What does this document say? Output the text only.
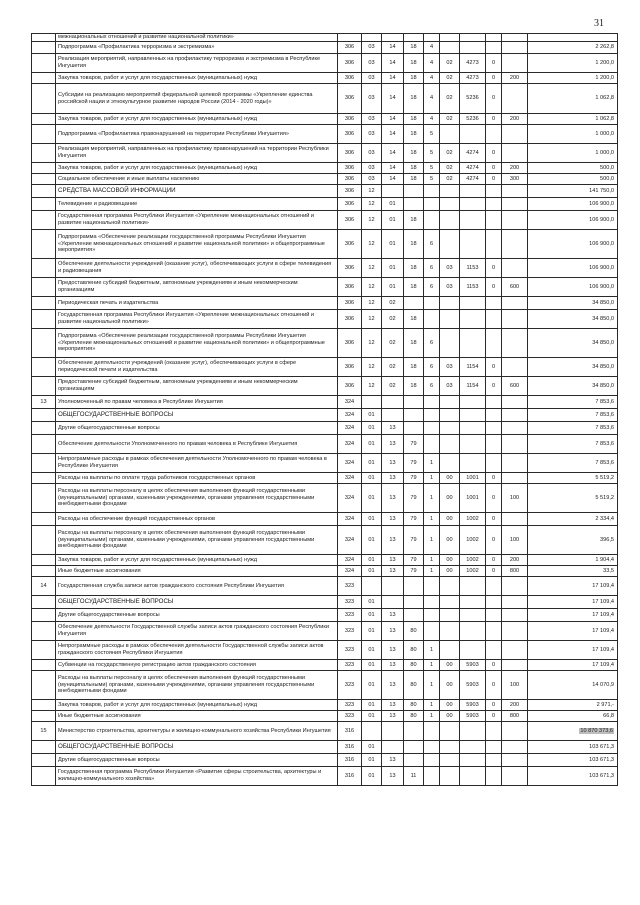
31
	межнациональных отношений и развитие национальной политики»										
	Подпрограмма «Профилактика терроризма и экстремизма»	306	03	14	18	4					2 262,8
	Реализация мероприятий, направленных на профилактику терроризма и экстремизма в Республике Ингушетия	306	03	14	18	4	02	4273	0		1 200,0
	Закупка товаров, работ и услуг для государственных (муниципальных) нужд	306	03	14	18	4	02	4273	0	200	1 200,0
	Субсидии на реализацию мероприятий федеральной целевой программы «Укрепление единства российской нации и этнокультурное развитие народов России (2014 - 2020 годы)»	306	03	14	18	4	02	5236	0		1 062,8
	Закупка товаров, работ и услуг для государственных (муниципальных) нужд	306	03	14	18	4	02	5236	0	200	1 062,8
	Подпрограмма «Профилактика правонарушений на территории Республики Ингушетия»	306	03	14	18	5					1 000,0
	Реализация мероприятий, направленных на профилактику правонарушений на территории Республики Ингушетия	306	03	14	18	5	02	4274	0		1 000,0
	Закупка товаров, работ и услуг для государственных (муниципальных) нужд	306	03	14	18	5	02	4274	0	200	500,0
	Социальное обеспечение и иные выплаты населению	306	03	14	18	5	02	4274	0	300	500,0
	СРЕДСТВА МАССОВОЙ ИНФОРМАЦИИ	306	12								141 750,0
	Телевидение и радиовещание	306	12	01							106 900,0
	Государственная программа Республики Ингушетия «Укрепление межнациональных отношений и развитие национальной политики»	306	12	01	18						106 900,0
	Подпрограмма «Обеспечение реализации государственной программы Республики Ингушетия «Укрепление межнациональных отношений и развитие национальной политики» и общепрограммные мероприятия»	306	12	01	18	6					106 900,0
	Обеспечение деятельности учреждений (оказание услуг), обеспечивающих услуги в сфере телевидения и радиовещания	306	12	01	18	6	03	1153	0		106 900,0
	Предоставление субсидий бюджетным, автономным учреждениям и иным некоммерческим организациям	306	12	01	18	6	03	1153	0	600	106 900,0
	Периодическая печать и издательства	306	12	02							34 850,0
	Государственная программа Республики Ингушетия «Укрепление межнациональных отношений и развитие национальной политики»	306	12	02	18						34 850,0
	Подпрограмма «Обеспечение реализации государственной программы Республики Ингушетия «Укрепление межнациональных отношений и развитие национальной политики» и общепрограммные мероприятия»	306	12	02	18	6					34 850,0
	Обеспечение деятельности учреждений (оказание услуг), обеспечивающих услуги в сфере периодической печати и издательства	306	12	02	18	6	03	1154	0		34 850,0
	Предоставление субсидий бюджетным, автономным учреждениям и иным некоммерческим организациям	306	12	02	18	6	03	1154	0	600	34 850,0
13	Уполномоченный по правам человека в Республике Ингушетия	324									7 853,6
	ОБЩЕГОСУДАРСТВЕННЫЕ ВОПРОСЫ	324	01								7 853,6
	Другие общегосударственные вопросы	324	01	13							7 853,6
	Обеспечение деятельности Уполномоченного по правам человека в Республике Ингушетия	324	01	13	79						7 853,6
	Непрограммные расходы в рамках обеспечения деятельности Уполномоченного по правам человека в Республике Ингушетия	324	01	13	79	1					7 853,6
	Расходы на выплаты по оплате труда работников государственных органов	324	01	13	79	1	00	1001	0		5 519,2
	Расходы на выплаты персоналу в целях обеспечения выполнения функций государственными (муниципальными) органами, казенными учреждениями, органами управления государственными внебюджетными фондами	324	01	13	79	1	00	1001	0	100	5 519,2
	Расходы на обеспечение функций государственных органов	324	01	13	79	1	00	1002	0		2 334,4
	Расходы на выплаты персоналу в целях обеспечения выполнения функций государственными (муниципальными) органами, казенными учреждениями, органами управления государственными внебюджетными фондами	324	01	13	79	1	00	1002	0	100	396,5
	Закупка товаров, работ и услуг для государственных (муниципальных) нужд	324	01	13	79	1	00	1002	0	200	1 904,4
	Иные бюджетные ассигнования	324	01	13	79	1	00	1002	0	800	33,5
14	Государственная служба записи актов гражданского состояния Республики Ингушетия	323									17 109,4
	ОБЩЕГОСУДАРСТВЕННЫЕ ВОПРОСЫ	323	01								17 109,4
	Другие общегосударственные вопросы	323	01	13							17 109,4
	Обеспечение деятельности Государственной службы записи актов гражданского состояния Республики Ингушетия	323	01	13	80						17 109,4
	Непрограммные расходы в рамках обеспечения деятельности Государственной службы записи актов гражданского состояния Республики Ингушетия	323	01	13	80	1					17 109,4
	Субвенции на государственную регистрацию актов гражданского состояния	323	01	13	80	1	00	5903	0		17 109,4
	Расходы на выплаты персоналу в целях обеспечения выполнения функций государственными (муниципальными) органами, казенными учреждениями, органами управления государственными внебюджетными фондами	323	01	13	80	1	00	5903	0	100	14 070,9
	Закупка товаров, работ и услуг для государственных (муниципальных) нужд	323	01	13	80	1	00	5903	0	200	2 971,-
	Иные бюджетные ассигнования	323	01	13	80	1	00	5903	0	800	66,8
15	Министерство строительства, архитектуры и жилищно-коммунального хозяйства Республики Ингушетия	316									10 870 373,6
	ОБЩЕГОСУДАРСТВЕННЫЕ ВОПРОСЫ	316	01								103 671,3
	Другие общегосударственные вопросы	316	01	13							103 671,3
	Государственная программа Республики Ингушетия «Развитие сферы строительства, архитектуры и жилищно-коммунального хозяйства»	316	01	13	11						103 671,3
